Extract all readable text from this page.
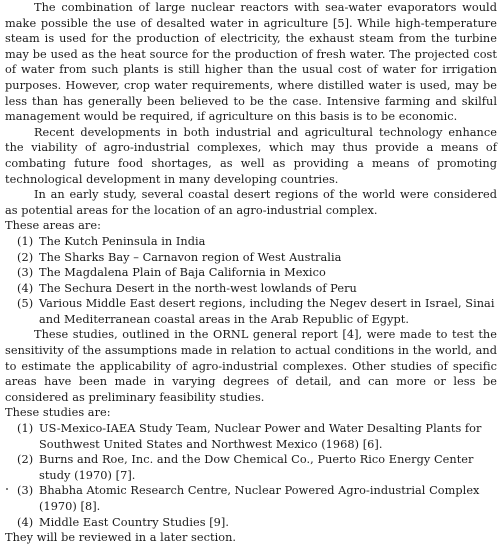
The combination of large nuclear reactors with sea-water evaporators would make possible the use of desalted water in agriculture [5]. While high-temperature steam is used for the production of electricity, the exhaust steam from the turbine may be used as the heat source for the production of fresh water. The projected cost of water from such plants is still higher than the usual cost of water for irrigation purposes. However, crop water requirements, where distilled water is used, may be less than has generally been believed to be the case. Intensive farming and skilful management would be required, if agriculture on this basis is to be economic.

Recent developments in both industrial and agricultural technology enhance the viability of agro-industrial complexes, which may thus provide a means of combating future food shortages, as well as providing a means of promoting technological development in many developing countries.

In an early study, several coastal desert regions of the world were considered as potential areas for the location of an agro-industrial complex.

These areas are:

(1) The Kutch Peninsula in India
(2) The Sharks Bay – Carnavon region of West Australia
(3) The Magdalena Plain of Baja California in Mexico
(4) The Sechura Desert in the north-west lowlands of Peru
(5) Various Middle East desert regions, including the Negev desert in Israel, Sinai and Mediterranean coastal areas in the Arab Republic of Egypt.

These studies, outlined in the ORNL general report [4], were made to test the sensitivity of the assumptions made in relation to actual conditions in the world, and to estimate the applicability of agro-industrial complexes. Other studies of specific areas have been made in varying degrees of detail, and can more or less be considered as preliminary feasibility studies.

These studies are:

(1) US-Mexico-IAEA Study Team, Nuclear Power and Water Desalting Plants for Southwest United States and Northwest Mexico (1968) [6].
(2) Burns and Roe, Inc. and the Dow Chemical Co., Puerto Rico Energy Center study (1970) [7].
(3) Bhabha Atomic Research Centre, Nuclear Powered Agro-industrial Complex (1970) [8].
(4) Middle East Country Studies [9].

They will be reviewed in a later section.
